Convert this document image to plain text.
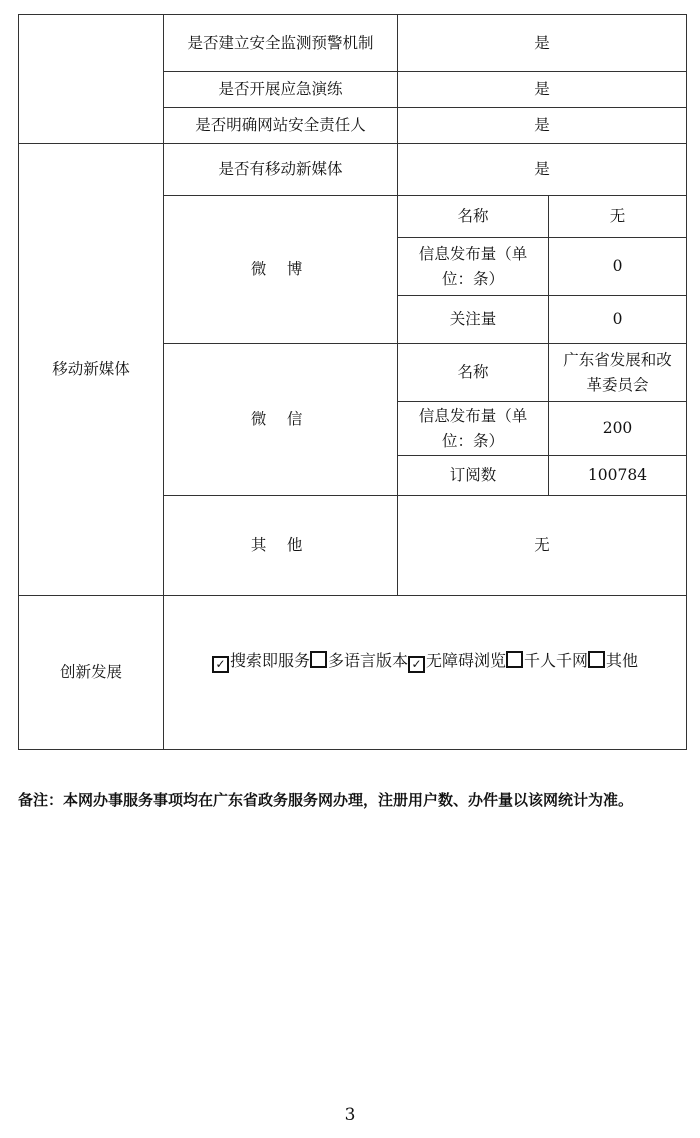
	是否建立安全监测预警机制	是	
	是否开展应急演练	是	
	是否明确网站安全责任人	是	
移动新媒体	是否有移动新媒体	是	
	微 博	名称	无
		信息发布量（单位：条）	0
		关注量	0
	微 信	名称	广东省发展和改革委员会
		信息发布量（单位：条）	200
		订阅数	100784
	其 他	无	
创新发展	✓ 搜索即服务 多语言版本 ✓ 无障碍浏览 千人千网 其他		
备注：本网办事服务事项均在广东省政务服务网办理，注册用户数、办件量以该网统计为准。
3
